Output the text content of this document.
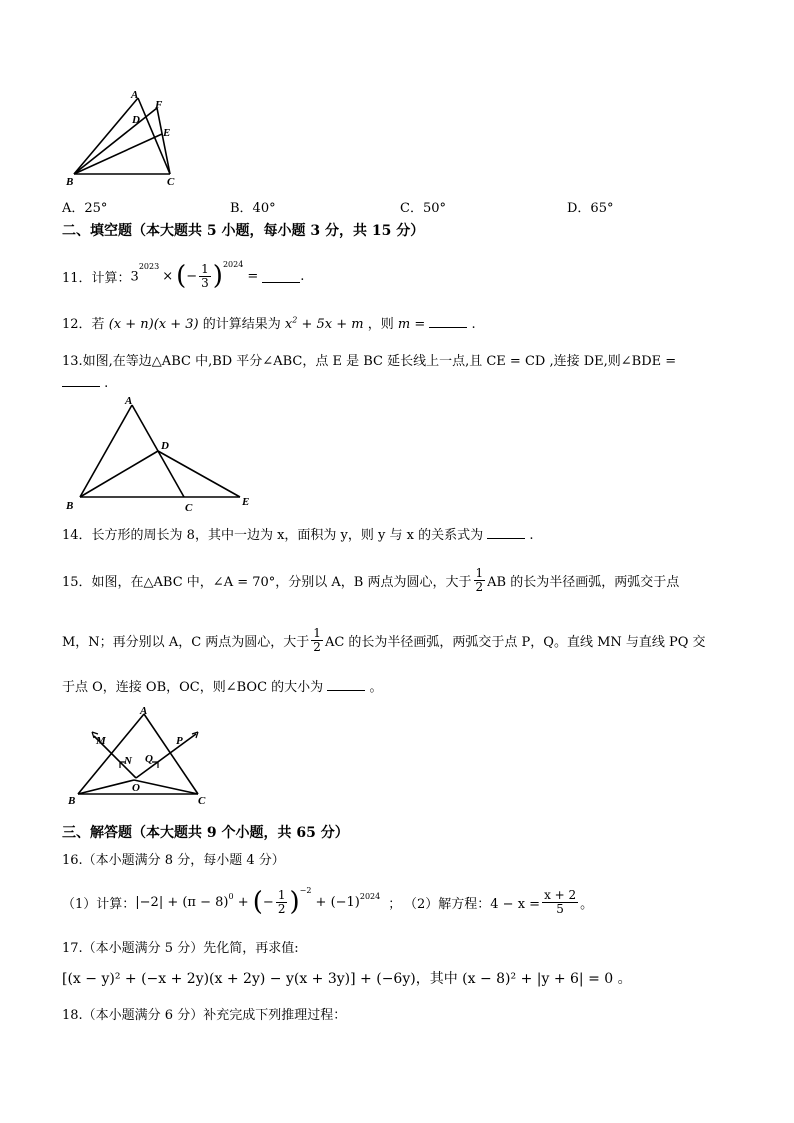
A
F
D
E
B	C
A．25°	B．40°	C．50°	D．65°
二、填空题（本大题共 5 小题，每小题 3 分，共 15 分）
11．计算： $3^{2023}$
× ( − $\frac{1}{3} )^{2024}$
=	.
12．若 (x + n)(x + 3) 的计算结果为 $x^2 + 5x + m$ ，则 m =	.
13.如图,在等边△ABC 中,BD 平分∠ABC，点 E 是 BC 延长线上一点,且 CE = CD ,连接 DE,则∠BDE =
.
A
D
B	C	E
14．长方形的周长为 8，其中一边为 x，面积为 y，则 y 与 x 的关系式为	.
15．如图，在△ABC 中，∠A = 70°，分别以 A，B 两点为圆心，大于 $\frac{1}{2}$ AB 的长为半径画弧，两弧交于点
M，N；再分别以 A，C 两点为圆心，大于 $\frac{1}{2}$ AC 的长为半径画弧，两弧交于点 P，Q。直线 MN 与直线 PQ 交
于点 O，连接 OB，OC，则∠BOC 的大小为	。
A
M	P
N Q
O
B	C
三、解答题（本大题共 9 个小题，共 65 分）
16.（本小题满分 8 分，每小题 4 分）
（1）计算： $|-2| + (\pi - 8)^0$ + ( − $\frac{1}{2} )^{-2}$
+ $(-1)^{2024}$
； （2）解方程：$4 - x = \frac{x + 2}{5}$ 。
17.（本小题满分 5 分）先化简，再求值:
[(x − y)² + (−x + 2y)(x + 2y) − y(x + 3y)] + (−6y)，其中 (x − 8)² + |y + 6| = 0 。
18.（本小题满分 6 分）补充完成下列推理过程：
